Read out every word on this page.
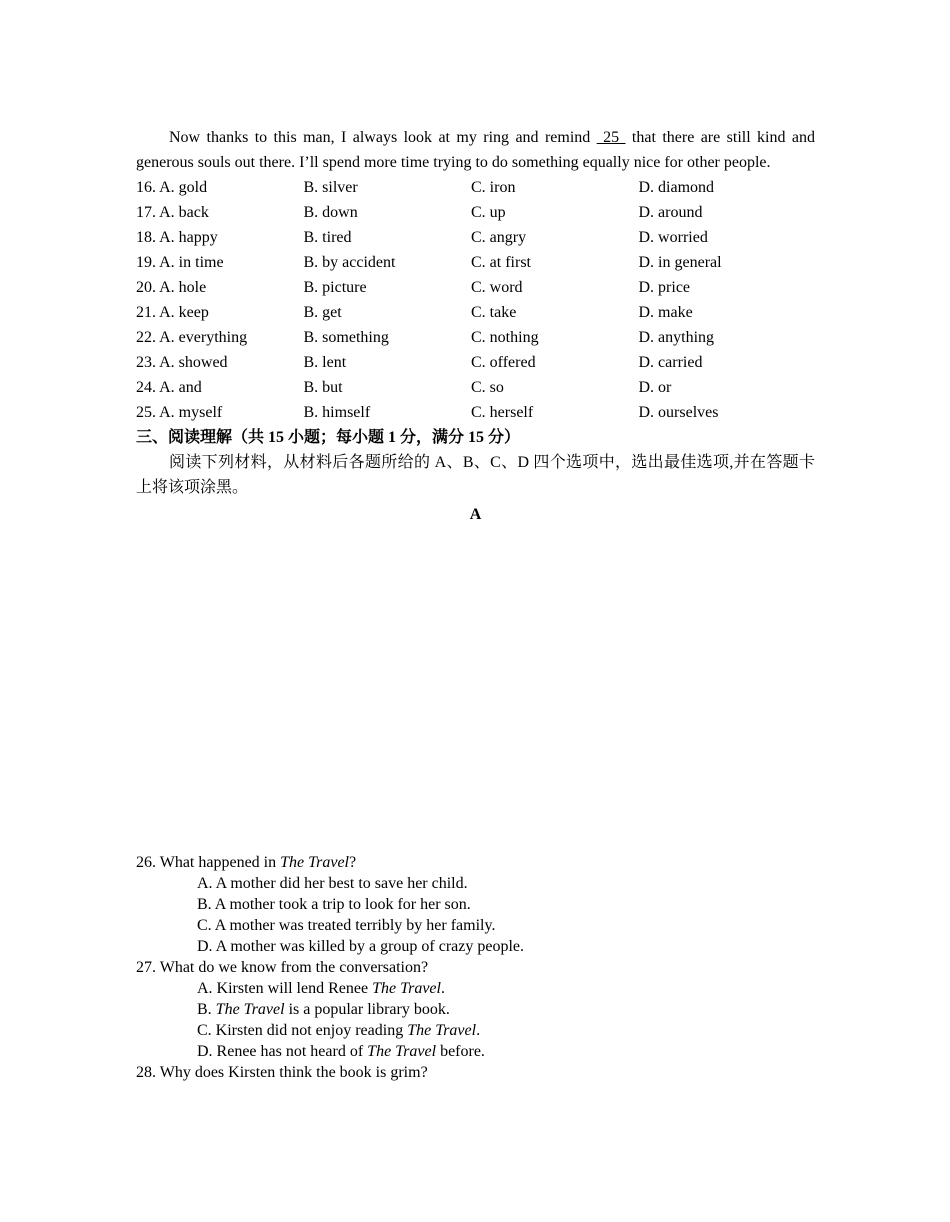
Now thanks to this man, I always look at my ring and remind  25  that there are still kind and generous souls out there. I’ll spend more time trying to do something equally nice for other people.

16. A. gold	B. silver	C. iron	D. diamond
17. A. back	B. down	C. up	D. around
18. A. happy	B. tired	C. angry	D. worried
19. A. in time	B. by accident	C. at first	D. in general
20. A. hole	B. picture	C. word	D. price
21. A. keep	B. get	C. take	D. make
22. A. everything	B. something	C. nothing	D. anything
23. A. showed	B. lent	C. offered	D. carried
24. A. and	B. but	C. so	D. or
25. A. myself	B. himself	C. herself	D. ourselves

三、阅读理解（共 15 小题；每小题 1 分，满分 15 分）

阅读下列材料，从材料后各题所给的 A、B、C、D 四个选项中，选出最佳选项,并在答题卡上将该项涂黑。

A

26. What happened in The Travel?

A. A mother did her best to save her child.

B. A mother took a trip to look for her son.

C. A mother was treated terribly by her family.

D. A mother was killed by a group of crazy people.

27. What do we know from the conversation?

A. Kirsten will lend Renee The Travel.

B. The Travel is a popular library book.

C. Kirsten did not enjoy reading The Travel.

D. Renee has not heard of The Travel before.

28. Why does Kirsten think the book is grim?
